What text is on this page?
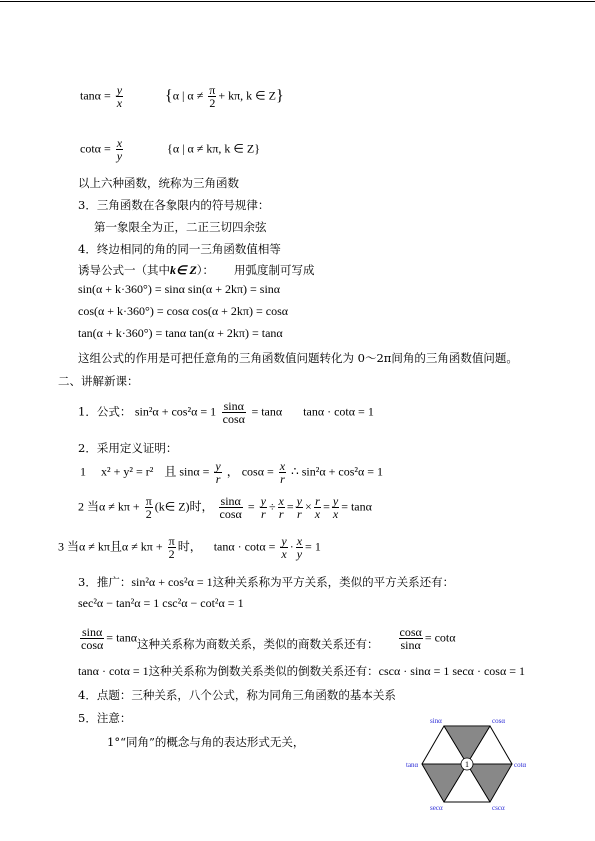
$\tan\alpha = \frac{y}{x}$	{α | $\alpha \ne \frac{\pi}{2} + k\pi$, k ∈ Z}
$\cot\alpha = \frac{x}{y}$	{α | α ≠ kπ, k ∈ Z}
以上六种函数，统称为三角函数
3．三角函数在各象限内的符号规律：
第一象限全为正，二正三切四余弦
4．终边相同的角的同一三角函数值相等
诱导公式一（其中k∈ Z）： 用弧度制可写成
sin(α + k·360°) = sinα sin(α + 2kπ) = sinα
cos(α + k·360°) = cosα cos(α + 2kπ) = cosα
tan(α + k·360°) = tanα tan(α + 2kπ) = tanα
这组公式的作用是可把任意角的三角函数值问题转化为 0～2π间角的三角函数值问题。
二、讲解新课：
1．公式： $\sin^2\alpha + \cos^2\alpha = 1 \frac{\sin\alpha}{\cos\alpha} = \tan\alpha$ tanα · cotα = 1
2．采用定义证明：
1 x² + y² = r² 且 $\sin\alpha = \frac{y}{r}$ ， $\cos\alpha = \frac{x}{r}$ ∴ sin²α + cos²α = 1
2 当$\alpha \ne k\pi + \frac{\pi}{2}$ (k∈ Z)时， $\frac{\sin\alpha}{\cos\alpha} = \frac{y}{r} \div \frac{x}{r} = \frac{y}{r} \times \frac{r}{x} = \frac{y}{x} = \tan\alpha$
3 当α ≠ kπ且$\alpha \ne k\pi + \frac{\pi}{2}$ 时， $\tan\alpha \cdot \cot\alpha = \frac{y}{x} \cdot \frac{x}{y} = 1$
3．推广：sin²α + cos²α = 1这种关系称为平方关系，类似的平方关系还有：
sec²α − tan²α = 1 csc²α − cot²α = 1
$\frac{\sin\alpha}{\cos\alpha} = \tan\alpha$这种关系称为商数关系，类似的商数关系还有： $\frac{\cos\alpha}{\sin\alpha} = \cot\alpha$
tanα · cotα = 1这种关系称为倒数关系类似的倒数关系还有：cscα · sinα = 1 secα · cosα = 1
4．点题：三种关系，八个公式，称为同角三角函数的基本关系
5．注意：
1°“同角”的概念与角的表达形式无关，
1
sinα	cosα
tanα	cotα
secα	cscα
